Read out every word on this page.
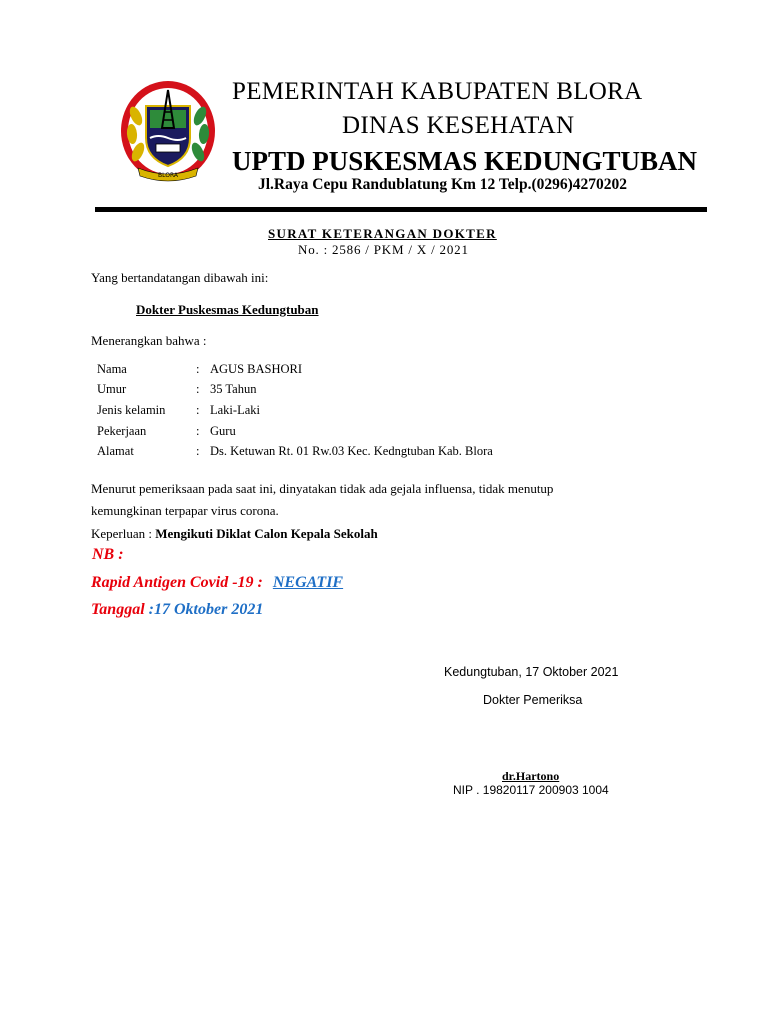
BLORA
PEMERINTAH KABUPATEN BLORA
DINAS KESEHATAN
UPTD PUSKESMAS KEDUNGTUBAN
Jl.Raya Cepu Randublatung Km 12 Telp.(0296)4270202
SURAT KETERANGAN DOKTER
No. : 2586 / PKM / X / 2021
Yang bertandatangan dibawah ini:
Dokter Puskesmas Kedungtuban
Menerangkan bahwa :
Nama	: AGUS BASHORI
Umur	: 35 Tahun
Jenis kelamin : Laki-Laki
Pekerjaan	: Guru
Alamat	: Ds. Ketuwan Rt. 01 Rw.03 Kec. Kedngtuban Kab. Blora
Menurut pemeriksaan pada saat ini, dinyatakan tidak ada gejala influensa, tidak menutup
kemungkinan terpapar virus corona.
Keperluan : Mengikuti Diklat Calon Kepala Sekolah
NB :
Rapid Antigen Covid -19 : NEGATIF
Tanggal :17 Oktober 2021
Kedungtuban, 17 Oktober 2021
Dokter Pemeriksa
dr.Hartono
NIP . 19820117 200903 1004
